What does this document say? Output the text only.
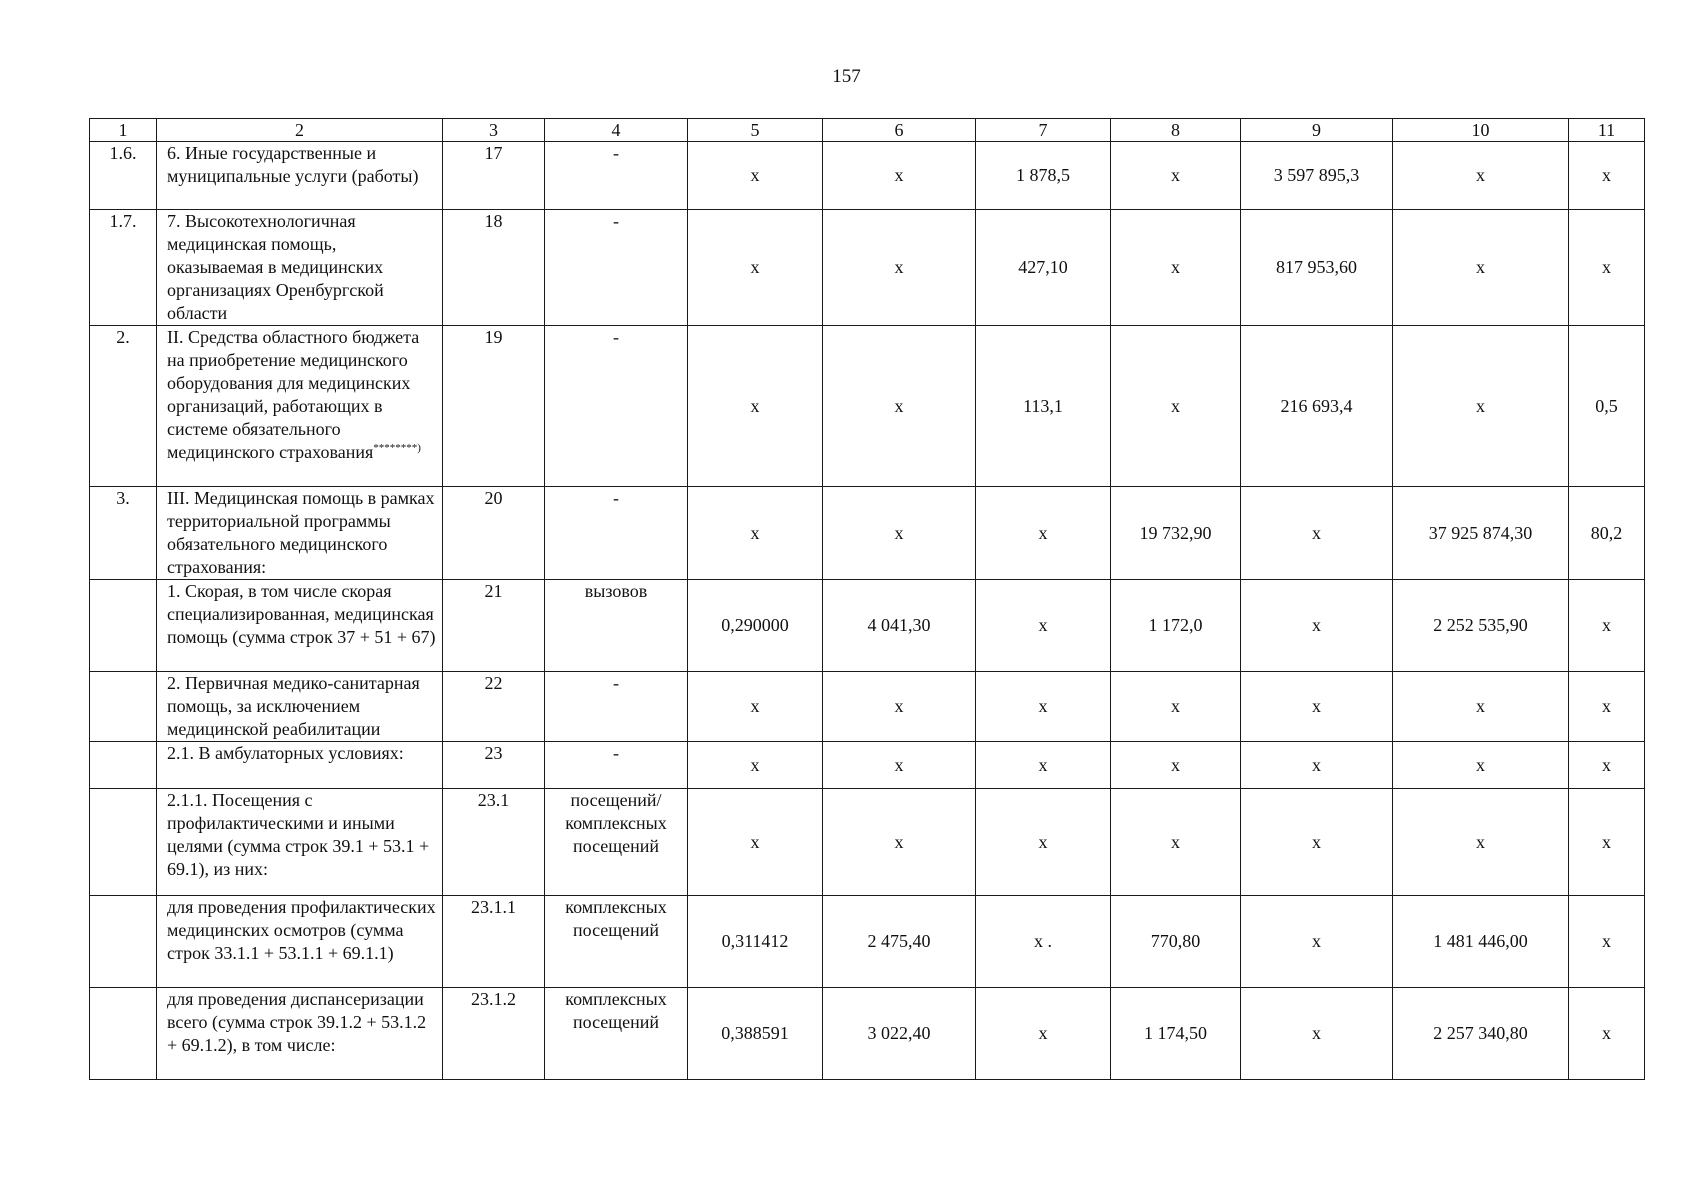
157
1	2	3	4	5	6	7	8	9	10	11
1.6.	6. Иные государственные и муниципальные услуги (работы)	17	-	x	x	1 878,5	x	3 597 895,3	x	x
1.7.	7. Высокотехнологичная медицинская помощь, оказываемая в медицинских организациях Оренбургской области	18	-	x	x	427,10	x	817 953,60	x	x
2.	II. Средства областного бюджета на приобретение медицинского оборудования для медицинских организаций, работающих в системе обязательного медицинского страхования********)	19	-	x	x	113,1	x	216 693,4	x	0,5
3.	III. Медицинская помощь в рамках территориальной программы обязательного медицинского страхования:	20	-	x	x	x	19 732,90	x	37 925 874,30	80,2
	1. Скорая, в том числе скорая специализированная, медицинская помощь (сумма строк 37 + 51 + 67)	21	вызовов	0,290000	4 041,30	x	1 172,0	x	2 252 535,90	x
	2. Первичная медико-санитарная помощь, за исключением медицинской реабилитации	22	-	x	x	x	x	x	x	x
	2.1. В амбулаторных условиях:	23	-	x	x	x	x	x	x	x
	2.1.1. Посещения с профилактическими и иными целями (сумма строк 39.1 + 53.1 + 69.1), из них:	23.1	посещений/ комплексных посещений	x	x	x	x	x	x	x
	для проведения профилактических медицинских осмотров (сумма строк 33.1.1 + 53.1.1 + 69.1.1)	23.1.1	комплексных посещений	0,311412	2 475,40	x .	770,80	x	1 481 446,00	x
	для проведения диспансеризации всего (сумма строк 39.1.2 + 53.1.2 + 69.1.2), в том числе:	23.1.2	комплексных посещений	0,388591	3 022,40	x	1 174,50	x	2 257 340,80	x
